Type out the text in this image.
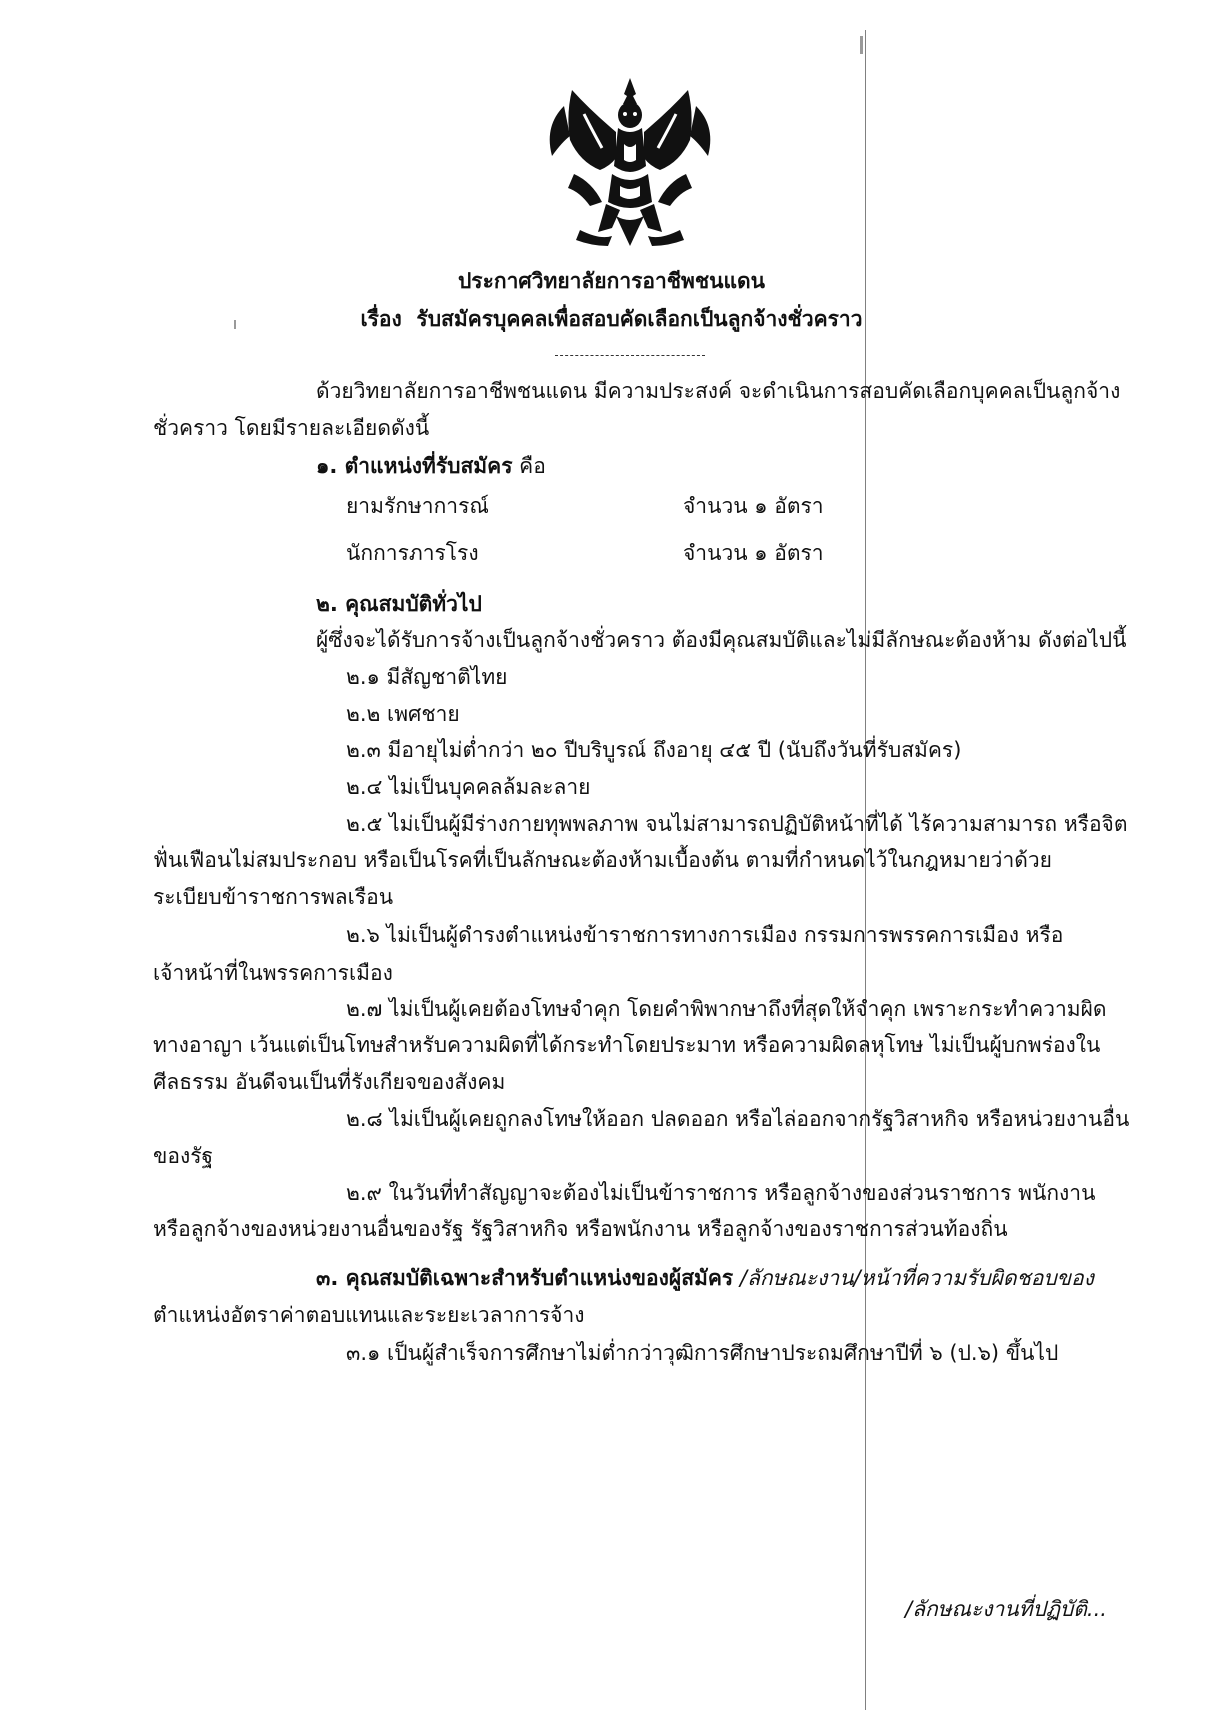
ประกาศวิทยาลัยการอาชีพชนแดน
เรื่อง รับสมัครบุคคลเพื่อสอบคัดเลือกเป็นลูกจ้างชั่วคราว
ด้วยวิทยาลัยการอาชีพชนแดน มีความประสงค์ จะดำเนินการสอบคัดเลือกบุคคลเป็นลูกจ้าง
ชั่วคราว โดยมีรายละเอียดดังนี้
๑. ตำแหน่งที่รับสมัคร คือ
ยามรักษาการณ์	จำนวน ๑ อัตรา
นักการภารโรง	จำนวน ๑ อัตรา
๒. คุณสมบัติทั่วไป
ผู้ซึ่งจะได้รับการจ้างเป็นลูกจ้างชั่วคราว ต้องมีคุณสมบัติและไม่มีลักษณะต้องห้าม ดังต่อไปนี้
๒.๑ มีสัญชาติไทย
๒.๒ เพศชาย
๒.๓ มีอายุไม่ต่ำกว่า ๒๐ ปีบริบูรณ์ ถึงอายุ ๔๕ ปี (นับถึงวันที่รับสมัคร)
๒.๔ ไม่เป็นบุคคลล้มละลาย
๒.๕ ไม่เป็นผู้มีร่างกายทุพพลภาพ จนไม่สามารถปฏิบัติหน้าที่ได้ ไร้ความสามารถ หรือจิต
ฟั่นเฟือนไม่สมประกอบ หรือเป็นโรคที่เป็นลักษณะต้องห้ามเบื้องต้น ตามที่กำหนดไว้ในกฎหมายว่าด้วย
ระเบียบข้าราชการพลเรือน
๒.๖ ไม่เป็นผู้ดำรงตำแหน่งข้าราชการทางการเมือง กรรมการพรรคการเมือง หรือ
เจ้าหน้าที่ในพรรคการเมือง
๒.๗ ไม่เป็นผู้เคยต้องโทษจำคุก โดยคำพิพากษาถึงที่สุดให้จำคุก เพราะกระทำความผิด
ทางอาญา เว้นแต่เป็นโทษสำหรับความผิดที่ได้กระทำโดยประมาท หรือความผิดลหุโทษ ไม่เป็นผู้บกพร่องใน
ศีลธรรม อันดีจนเป็นที่รังเกียจของสังคม
๒.๘ ไม่เป็นผู้เคยถูกลงโทษให้ออก ปลดออก หรือไล่ออกจากรัฐวิสาหกิจ หรือหน่วยงานอื่น
ของรัฐ
๒.๙ ในวันที่ทำสัญญาจะต้องไม่เป็นข้าราชการ หรือลูกจ้างของส่วนราชการ พนักงาน
หรือลูกจ้างของหน่วยงานอื่นของรัฐ รัฐวิสาหกิจ หรือพนักงาน หรือลูกจ้างของราชการส่วนท้องถิ่น
๓. คุณสมบัติเฉพาะสำหรับตำแหน่งของผู้สมัคร /ลักษณะงาน/หน้าที่ความรับผิดชอบของ
ตำแหน่งอัตราค่าตอบแทนและระยะเวลาการจ้าง
๓.๑ เป็นผู้สำเร็จการศึกษาไม่ต่ำกว่าวุฒิการศึกษาประถมศึกษาปีที่ ๖ (ป.๖) ขึ้นไป
/ลักษณะงานที่ปฏิบัติ...
